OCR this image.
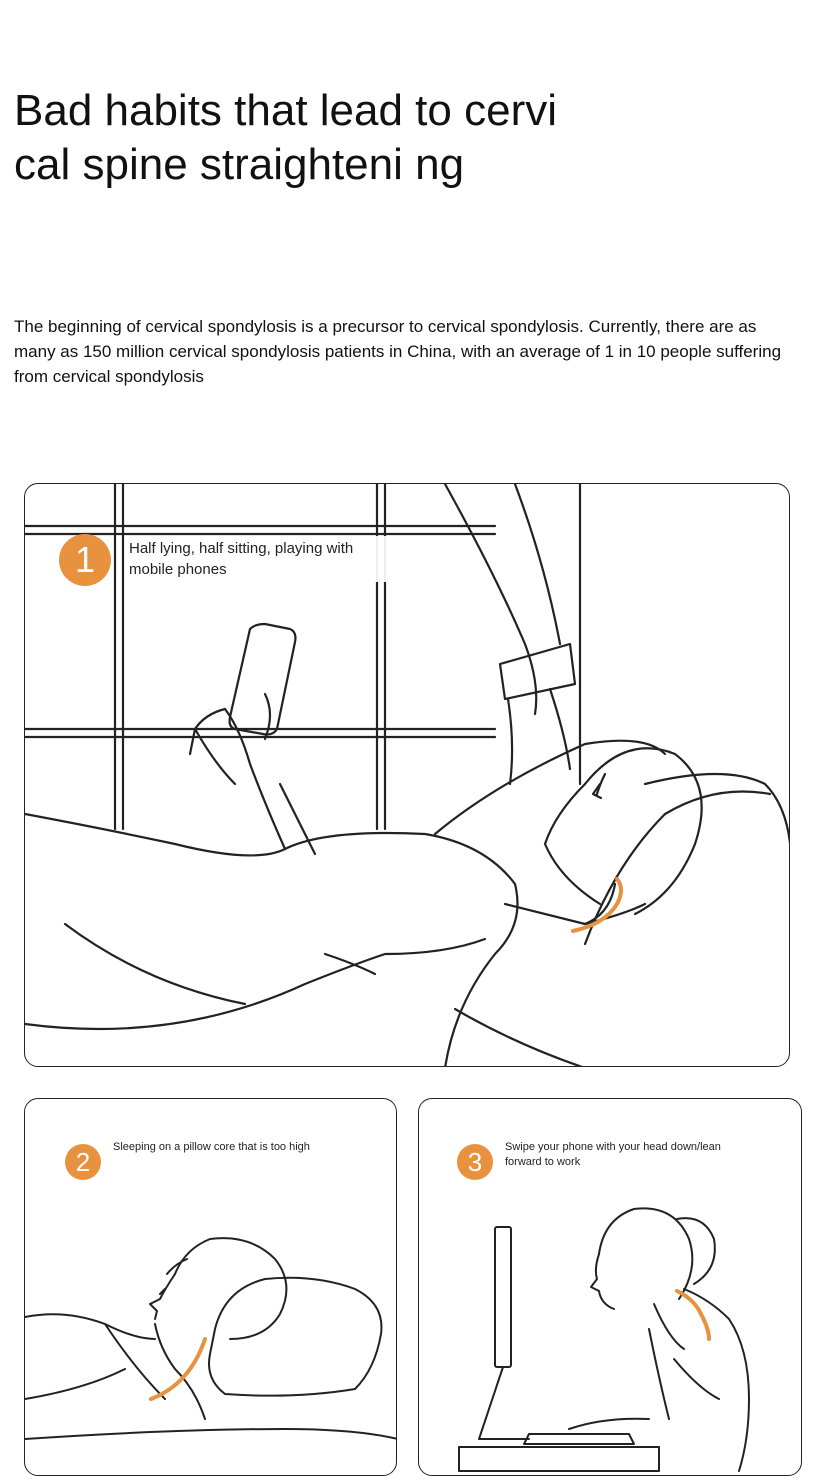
Bad habits that lead to cervical spine straighteni ng

The beginning of cervical spondylosis is a precursor to cervical spondylosis. Currently, there are as many as 150 million cervical spondylosis patients in China, with an average of 1 in 10 people suffering from cervical spondylosis

1 Half lying, half sitting, playing with mobile phones
2 Sleeping on a pillow core that is too high	3 Swipe your phone with your head down/lean forward to work
